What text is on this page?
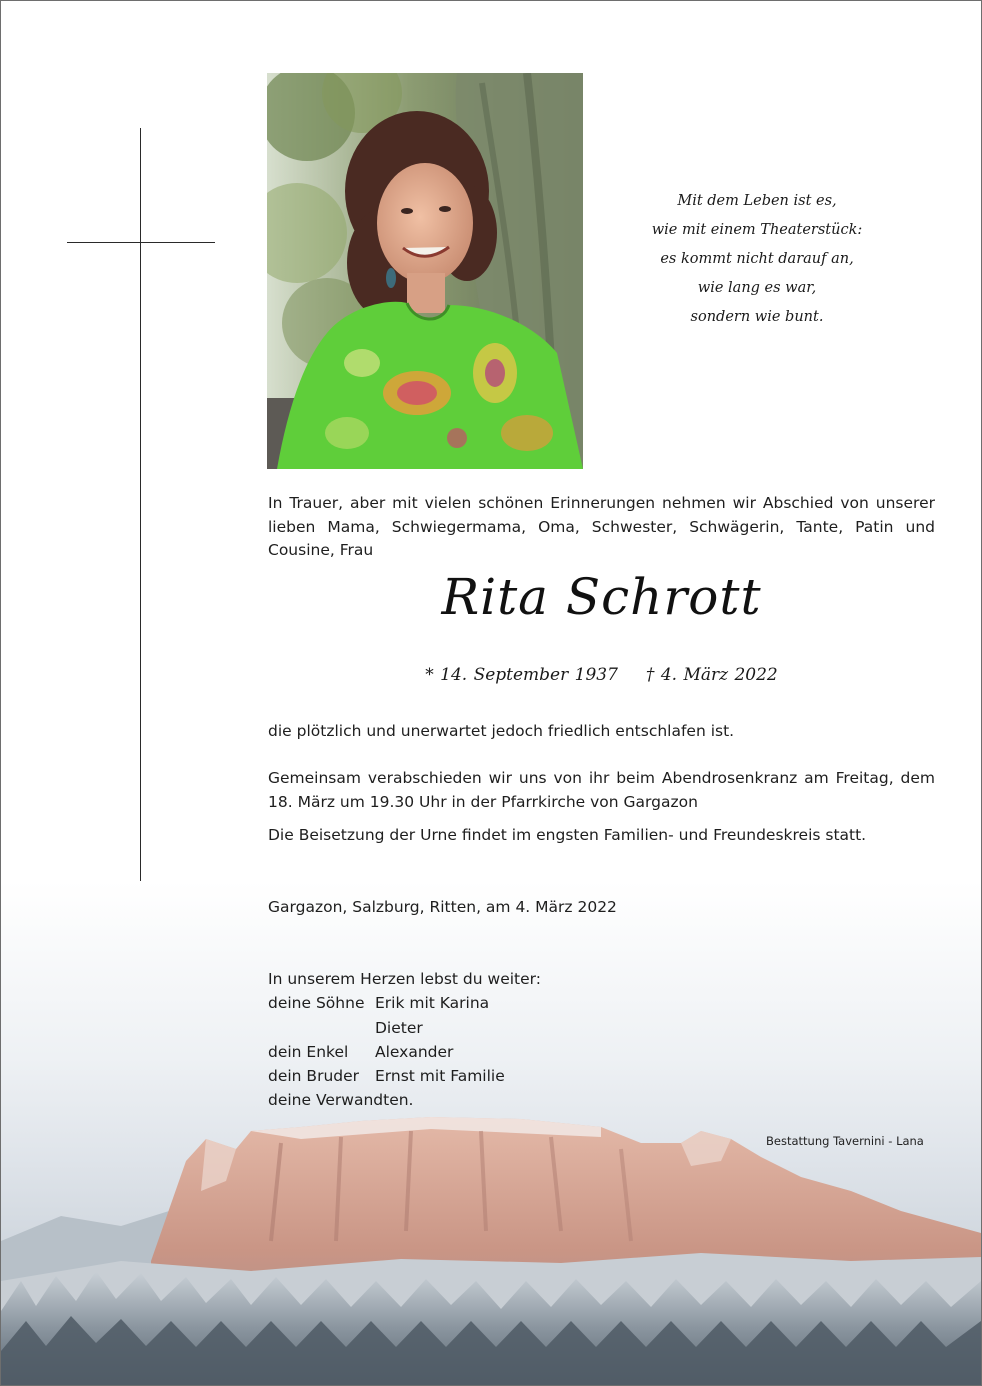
Mit dem Leben ist es,
wie mit einem Theaterstück:
es kommt nicht darauf an,
wie lang es war,
sondern wie bunt.
In Trauer, aber mit vielen schönen Erinnerungen nehmen wir Abschied von unserer
lieben Mama, Schwiegermama, Oma, Schwester, Schwägerin, Tante, Patin und
Cousine, Frau
Rita Schrott
* 14. September 1937 † 4. März 2022
die plötzlich und unerwartet jedoch friedlich entschlafen ist.
Gemeinsam verabschieden wir uns von ihr beim Abendrosenkranz am Freitag, dem
18. März um 19.30 Uhr in der Pfarrkirche von Gargazon
Die Beisetzung der Urne findet im engsten Familien- und Freundeskreis statt.
Gargazon, Salzburg, Ritten, am 4. März 2022
In unserem Herzen lebst du weiter:
deine Söhne Erik mit Karina
Dieter
dein Enkel	Alexander
dein Bruder	Ernst mit Familie
deine Verwandten.
Bestattung Tavernini - Lana
